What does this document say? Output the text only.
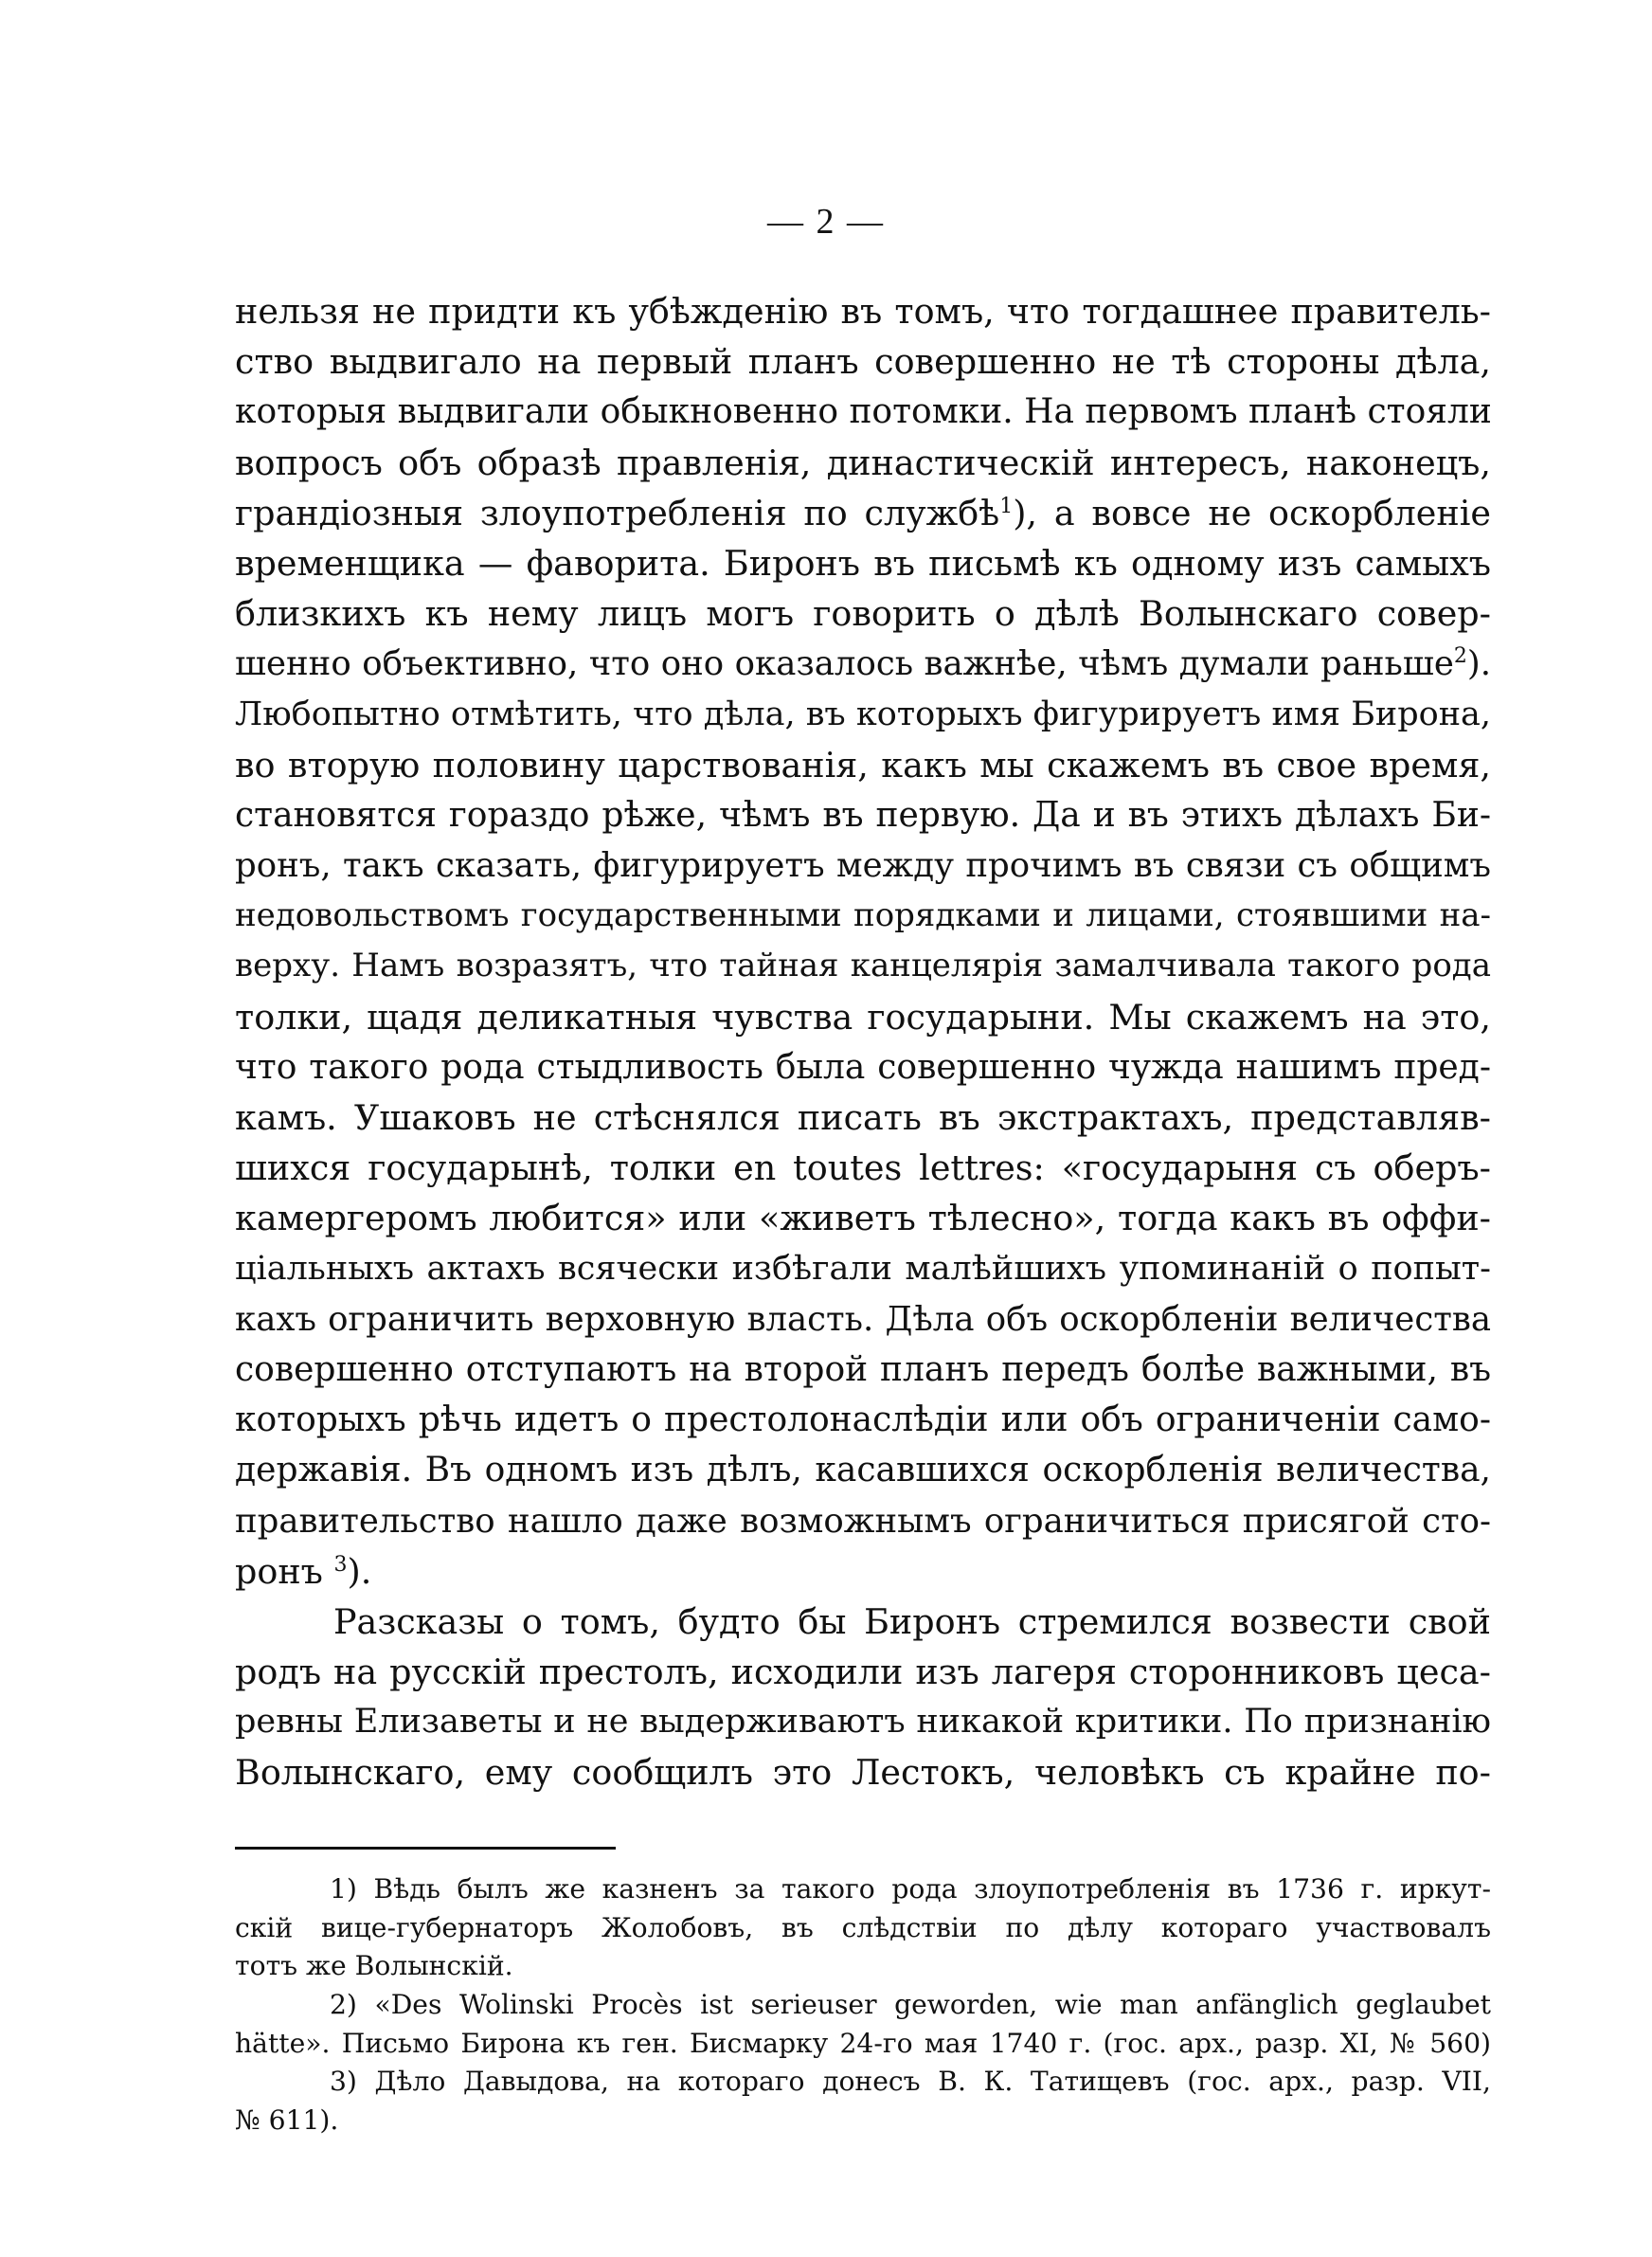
— 2 —
нельзя не придти къ убѣжденію въ томъ, что тогдашнее правитель-
ство выдвигало на первый планъ совершенно не тѣ стороны дѣла,
которыя выдвигали обыкновенно потомки. На первомъ планѣ стояли
вопросъ объ образѣ правленія, династическій интересъ, наконецъ,
грандіозныя злоупотребленія по службѣ$^1$), а вовсе не оскорбленіе
временщика — фаворита. Биронъ въ письмѣ къ одному изъ самыхъ
близкихъ къ нему лицъ могъ говорить о дѣлѣ Волынскаго совер-
шенно объективно, что оно оказалось важнѣе, чѣмъ думали раньше$^2$).
Любопытно отмѣтить, что дѣла, въ которыхъ фигурируетъ имя Бирона,
во вторую половину царствованія, какъ мы скажемъ въ свое время,
становятся гораздо рѣже, чѣмъ въ первую. Да и въ этихъ дѣлахъ Би-
ронъ, такъ сказать, фигурируетъ между прочимъ въ связи съ общимъ
недовольствомъ государственными порядками и лицами, стоявшими на-
верху. Намъ возразятъ, что тайная канцелярія замалчивала такого рода
толки, щадя деликатныя чувства государыни. Мы скажемъ на это,
что такого рода стыдливость была совершенно чужда нашимъ пред-
камъ. Ушаковъ не стѣснялся писать въ экстрактахъ, представляв-
шихся государынѣ, толки en toutes lettres: «государыня съ оберъ-
камергеромъ любится» или «живетъ тѣлесно», тогда какъ въ оффи-
ціальныхъ актахъ всячески избѣгали малѣйшихъ упоминаній о попыт-
кахъ ограничить верховную власть. Дѣла объ оскорбленіи величества
совершенно отступаютъ на второй планъ передъ болѣе важными, въ
которыхъ рѣчь идетъ о престолонаслѣдіи или объ ограниченіи само-
державія. Въ одномъ изъ дѣлъ, касавшихся оскорбленія величества,
правительство нашло даже возможнымъ ограничиться присягой сто-
ронъ $^3$).
Разсказы о томъ, будто бы Биронъ стремился возвести свой
родъ на русскій престолъ, исходили изъ лагеря сторонниковъ цеса-
ревны Елизаветы и не выдерживаютъ никакой критики. По признанію
Волынскаго, ему сообщилъ это Лестокъ, человѣкъ съ крайне по-
1) Вѣдь былъ же казненъ за такого рода злоупотребленія въ 1736 г. иркут-
скій вице-губернаторъ Жолобовъ, въ слѣдствіи по дѣлу котораго участвовалъ
тотъ же Волынскій.
2) «Des Wolinski Procès ist serieuser geworden, wie man anfänglich geglaubet
hätte». Письмо Бирона къ ген. Бисмарку 24-го мая 1740 г. (гос. арх., разр. XI, № 560)
3) Дѣло Давыдова, на котораго донесъ В. К. Татищевъ (гос. арх., разр. VII,
№ 611).
